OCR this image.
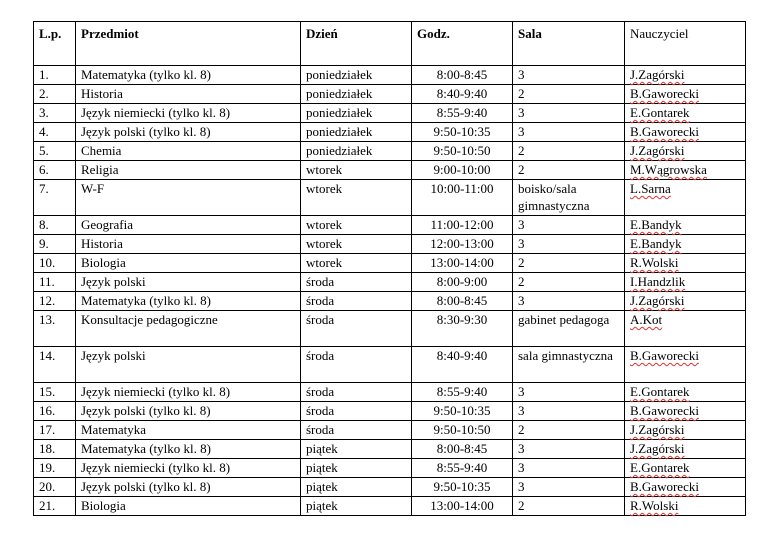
L.p.	Przedmiot	Dzień	Godz.	Sala	Nauczyciel
1.	Matematyka (tylko kl. 8)	poniedziałek	8:00-8:45	3	J.Zagórski
2.	Historia	poniedziałek	8:40-9:40	2	B.Gaworecki
3.	Język niemiecki (tylko kl. 8)	poniedziałek	8:55-9:40	3	E.Gontarek
4.	Język polski (tylko kl. 8)	poniedziałek	9:50-10:35	3	B.Gaworecki
5.	Chemia	poniedziałek	9:50-10:50	2	J.Zagórski
6.	Religia	wtorek	9:00-10:00	2	M.Wągrowska
7.	W-F	wtorek	10:00-11:00	boisko/sala gimnastyczna	L.Sarna
8.	Geografia	wtorek	11:00-12:00	3	E.Bandyk
9.	Historia	wtorek	12:00-13:00	3	E.Bandyk
10.	Biologia	wtorek	13:00-14:00	2	R.Wolski
11.	Język polski	środa	8:00-9:00	2	I.Handzlik
12.	Matematyka (tylko kl. 8)	środa	8:00-8:45	3	J.Zagórski
13.	Konsultacje pedagogiczne	środa	8:30-9:30	gabinet pedagoga	A.Kot
14.	Język polski	środa	8:40-9:40	sala gimnastyczna	B.Gaworecki
15.	Język niemiecki (tylko kl. 8)	środa	8:55-9:40	3	E.Gontarek
16.	Język polski (tylko kl. 8)	środa	9:50-10:35	3	B.Gaworecki
17.	Matematyka	środa	9:50-10:50	2	J.Zagórski
18.	Matematyka (tylko kl. 8)	piątek	8:00-8:45	3	J.Zagórski
19.	Język niemiecki (tylko kl. 8)	piątek	8:55-9:40	3	E.Gontarek
20.	Język polski (tylko kl. 8)	piątek	9:50-10:35	3	B.Gaworecki
21.	Biologia	piątek	13:00-14:00	2	R.Wolski
